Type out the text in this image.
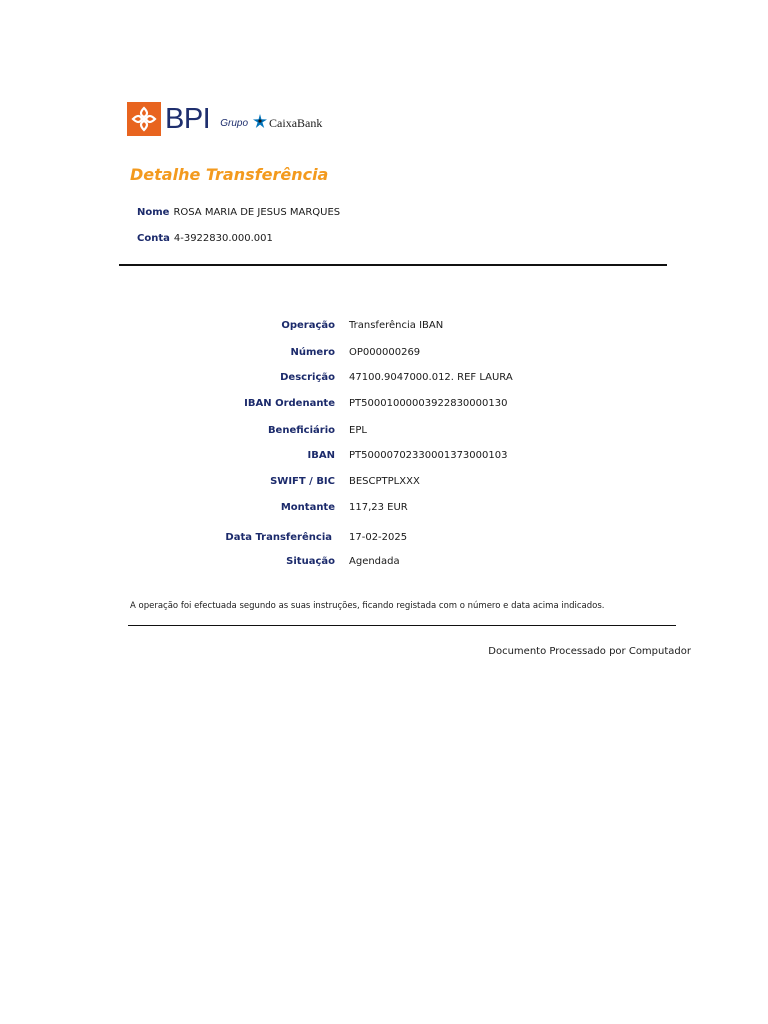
BPI Grupo CaixaBank
Detalhe Transferência
Nome ROSA MARIA DE JESUS MARQUES
Conta 4-3922830.000.001
Operação Transferência IBAN
Número OP000000269
Descrição 47100.9047000.012. REF LAURA
IBAN Ordenante PT50001000003922830000130
Beneficiário EPL
IBAN PT50000702330001373000103
SWIFT / BIC BESCPTPLXXX
Montante 117,23 EUR
Data Transferência 17-02-2025
Situação Agendada
A operação foi efectuada segundo as suas instruções, ficando registada com o número e data acima indicados.
Documento Processado por Computador
